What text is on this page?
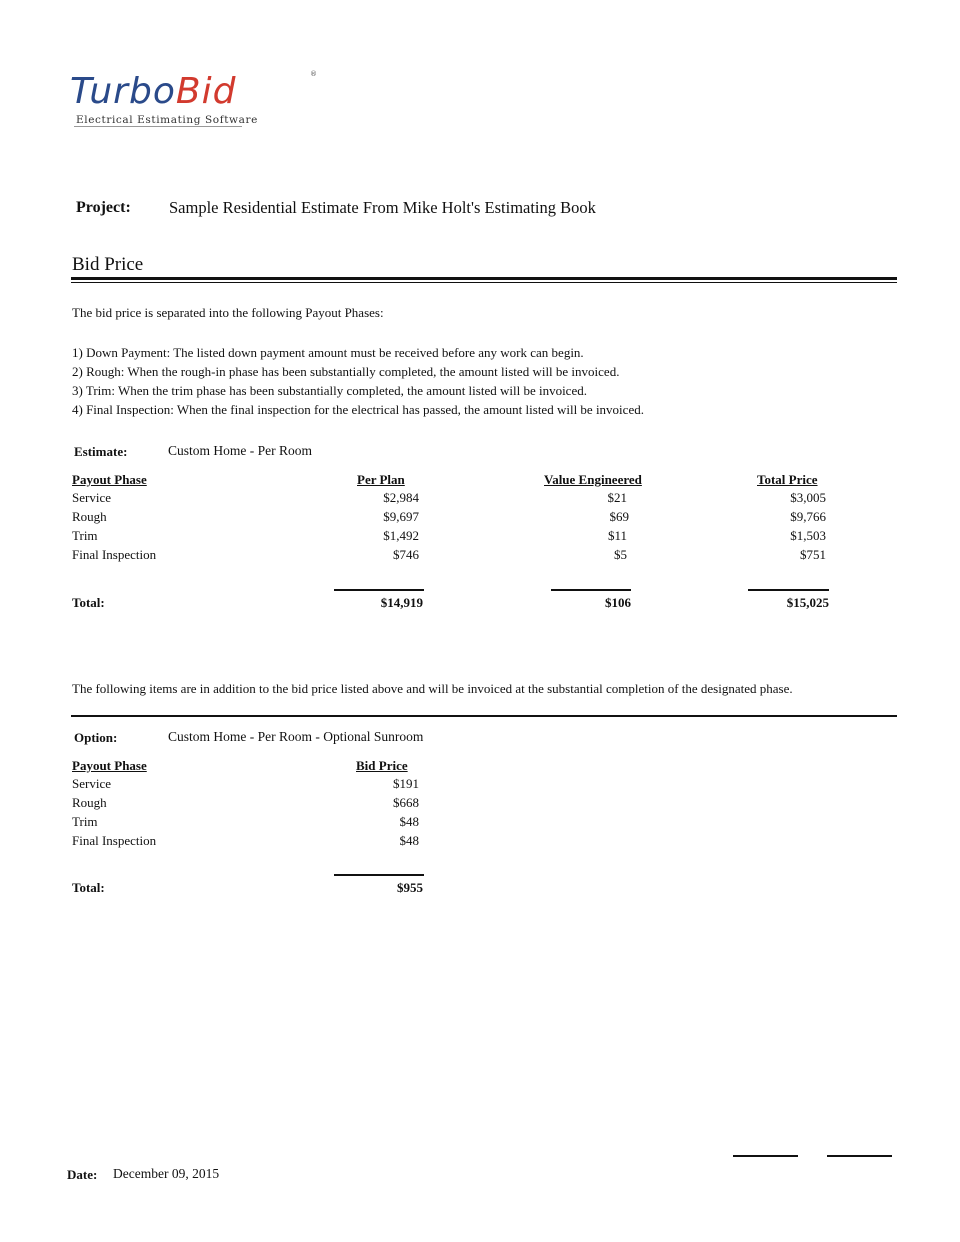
TurboBid	®
Electrical Estimating Software
Project: Sample Residential Estimate From Mike Holt's Estimating Book
Bid Price
The bid price is separated into the following Payout Phases:
1) Down Payment: The listed down payment amount must be received before any work can begin.
2) Rough: When the rough-in phase has been substantially completed, the amount listed will be invoiced.
3) Trim: When the trim phase has been substantially completed, the amount listed will be invoiced.
4) Final Inspection: When the final inspection for the electrical has passed, the amount listed will be invoiced.
Estimate:	Custom Home - Per Room
Payout Phase	Per Plan	Value Engineered	Total Price
Service	$2,984	$21	$3,005
Rough	$9,697	$69	$9,766
Trim	$1,492	$11	$1,503
Final Inspection	$746	$5	$751
Total:	$14,919	$106	$15,025
The following items are in addition to the bid price listed above and will be invoiced at the substantial completion of the designated phase.
Option:	Custom Home - Per Room - Optional Sunroom
Payout Phase	Bid Price
Service	$191
Rough	$668
Trim	$48
Final Inspection	$48
Total:	$955
Date: December 09, 2015
